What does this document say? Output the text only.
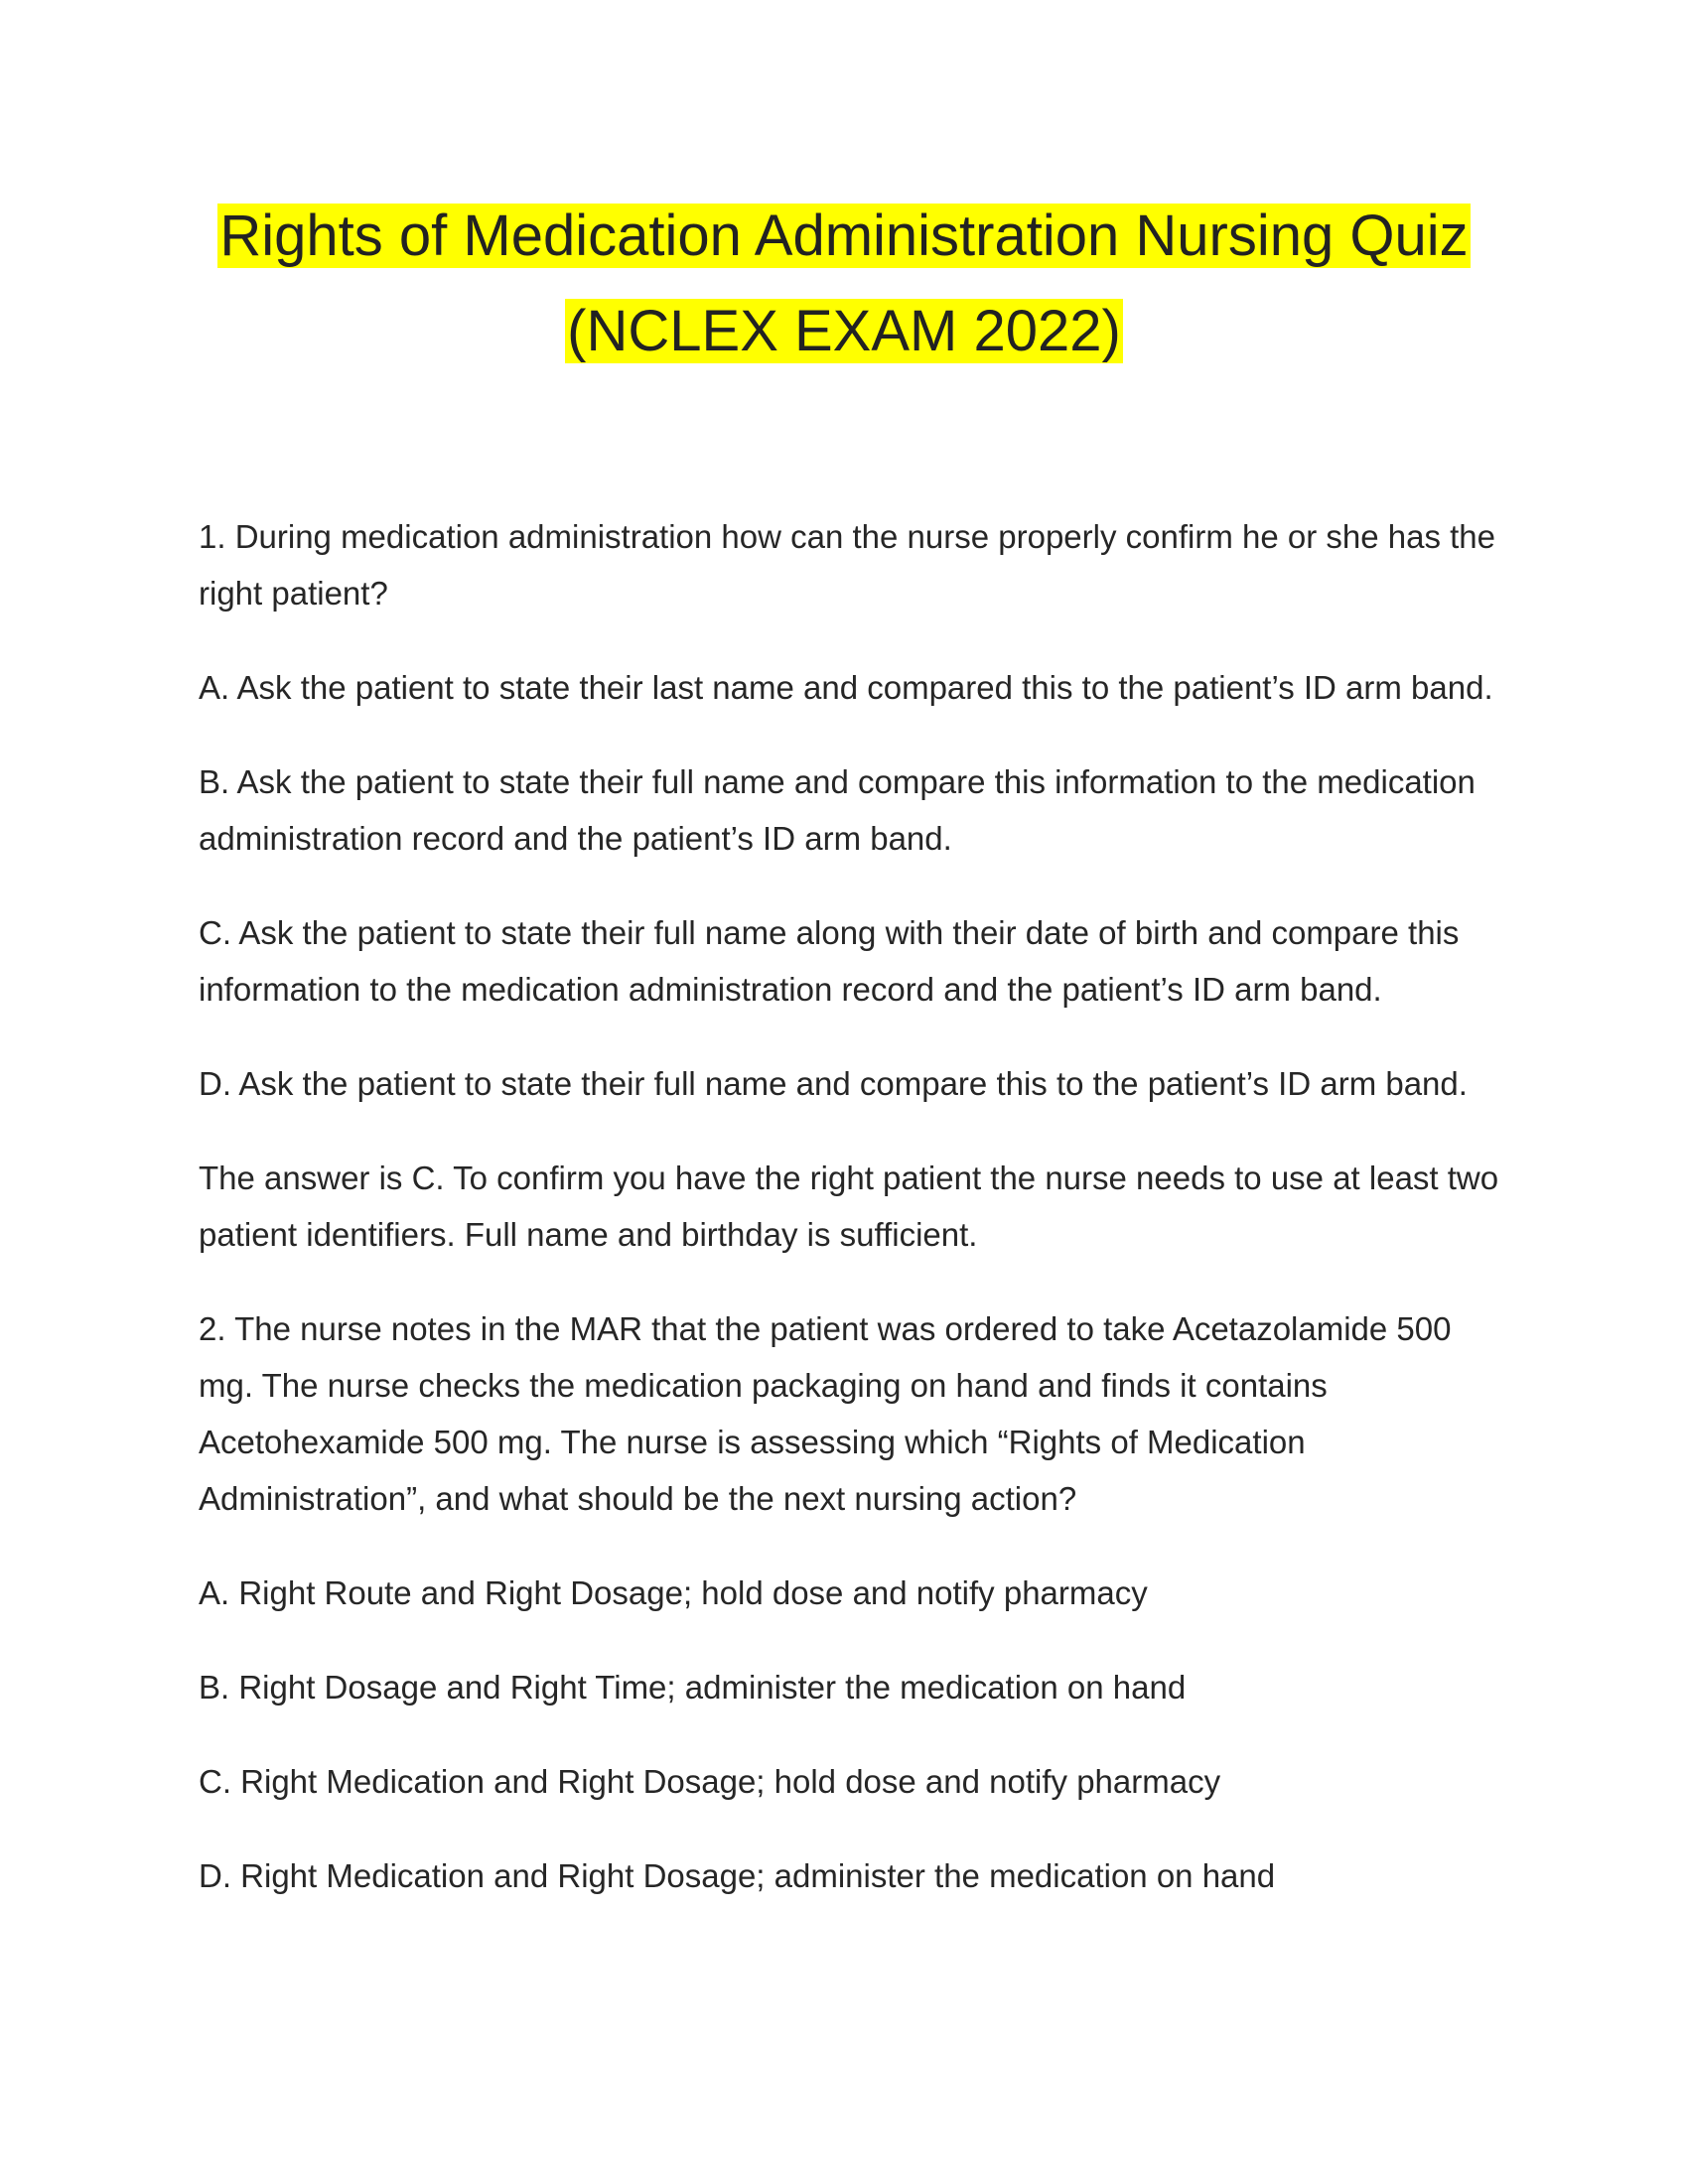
Rights of Medication Administration Nursing Quiz
(NCLEX EXAM 2022)

1. During medication administration how can the nurse properly confirm he or she has the right patient?

A. Ask the patient to state their last name and compared this to the patient’s ID arm band.

B. Ask the patient to state their full name and compare this information to the medication administration record and the patient’s ID arm band.

C. Ask the patient to state their full name along with their date of birth and compare this information to the medication administration record and the patient’s ID arm band.

D. Ask the patient to state their full name and compare this to the patient’s ID arm band.

The answer is C. To confirm you have the right patient the nurse needs to use at least two patient identifiers. Full name and birthday is sufficient.

2. The nurse notes in the MAR that the patient was ordered to take Acetazolamide 500 mg. The nurse checks the medication packaging on hand and finds it contains Acetohexamide 500 mg. The nurse is assessing which “Rights of Medication Administration”, and what should be the next nursing action?

A. Right Route and Right Dosage; hold dose and notify pharmacy

B. Right Dosage and Right Time; administer the medication on hand

C. Right Medication and Right Dosage; hold dose and notify pharmacy

D. Right Medication and Right Dosage; administer the medication on hand
